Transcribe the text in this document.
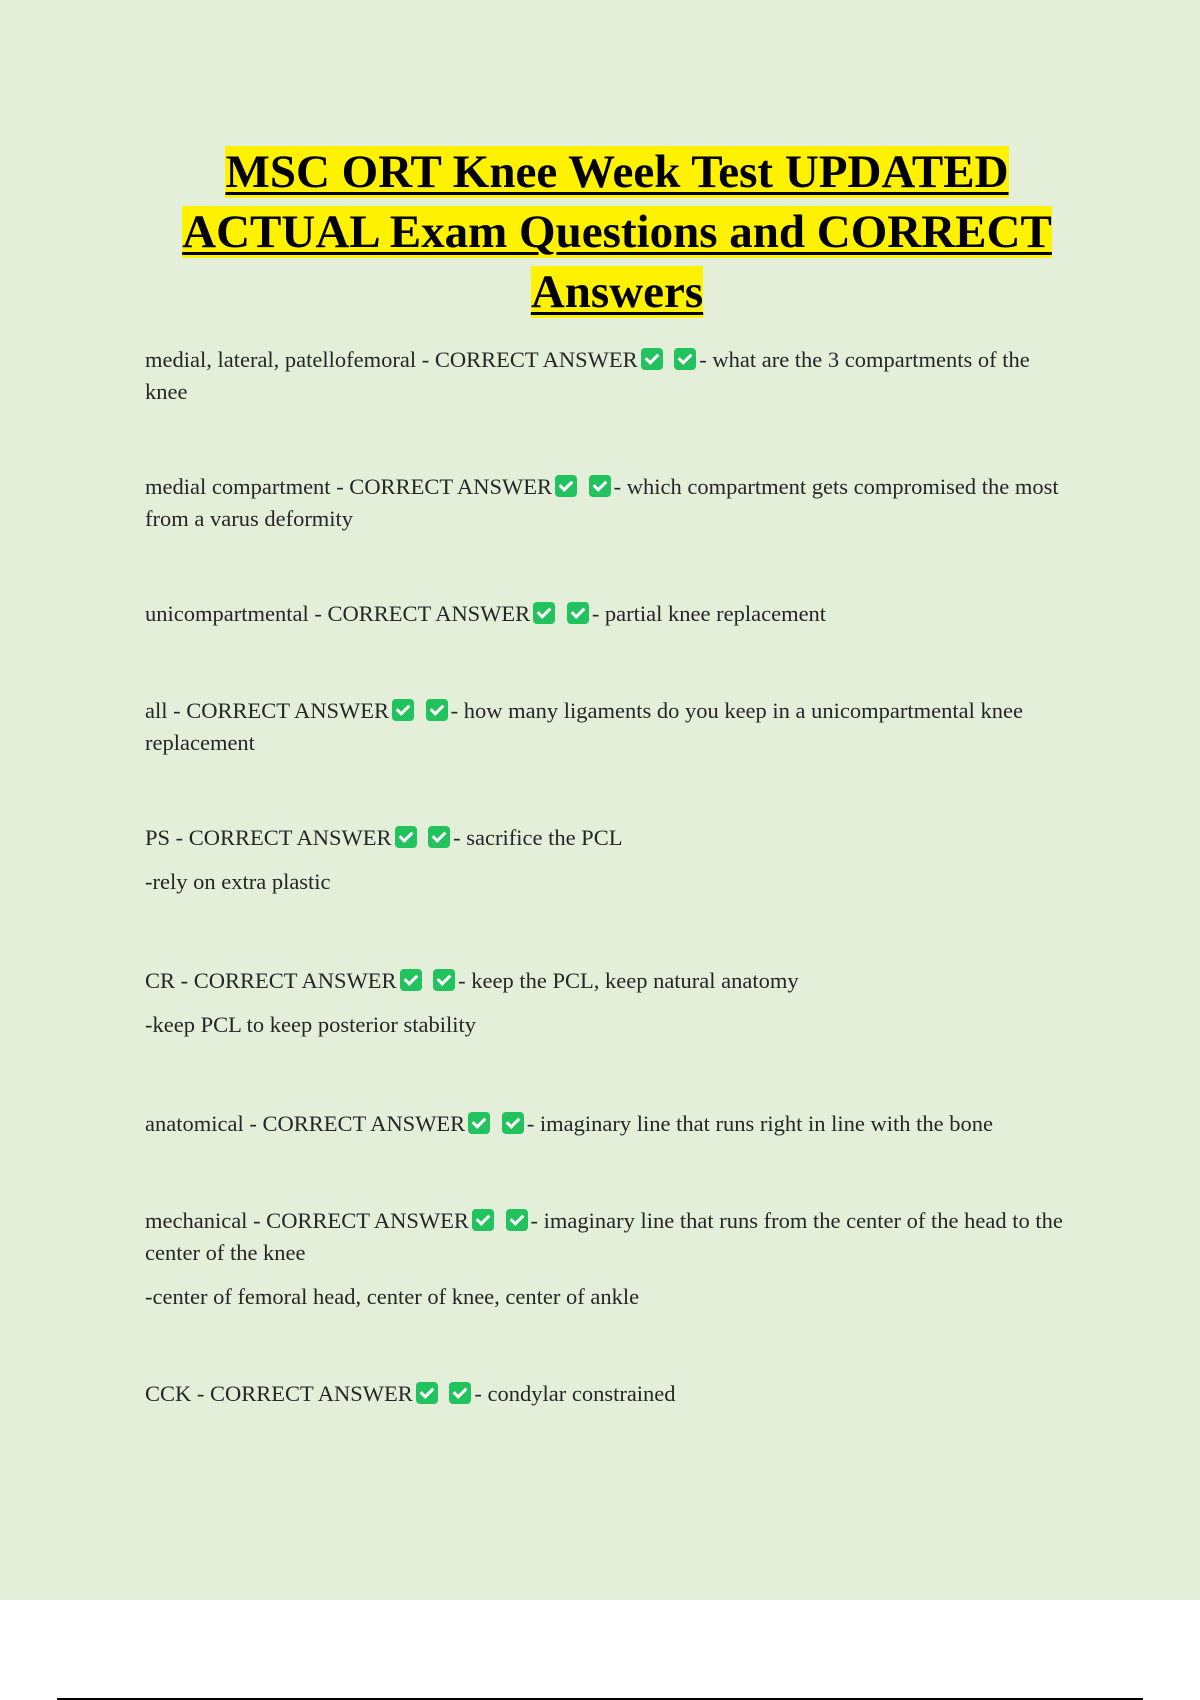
MSC ORT Knee Week Test UPDATED ACTUAL Exam Questions and CORRECT Answers

medial, lateral, patellofemoral - CORRECT ANSWER	- what are the 3 compartments of the knee

medial compartment - CORRECT ANSWER	- which compartment gets compromised the most from a varus deformity

unicompartmental - CORRECT ANSWER	- partial knee replacement

all - CORRECT ANSWER	- how many ligaments do you keep in a unicompartmental knee replacement

PS - CORRECT ANSWER	- sacrifice the PCL

-rely on extra plastic

CR - CORRECT ANSWER	- keep the PCL, keep natural anatomy

-keep PCL to keep posterior stability

anatomical - CORRECT ANSWER	- imaginary line that runs right in line with the bone

mechanical - CORRECT ANSWER	- imaginary line that runs from the center of the head to the center of the knee

-center of femoral head, center of knee, center of ankle

CCK - CORRECT ANSWER	- condylar constrained
